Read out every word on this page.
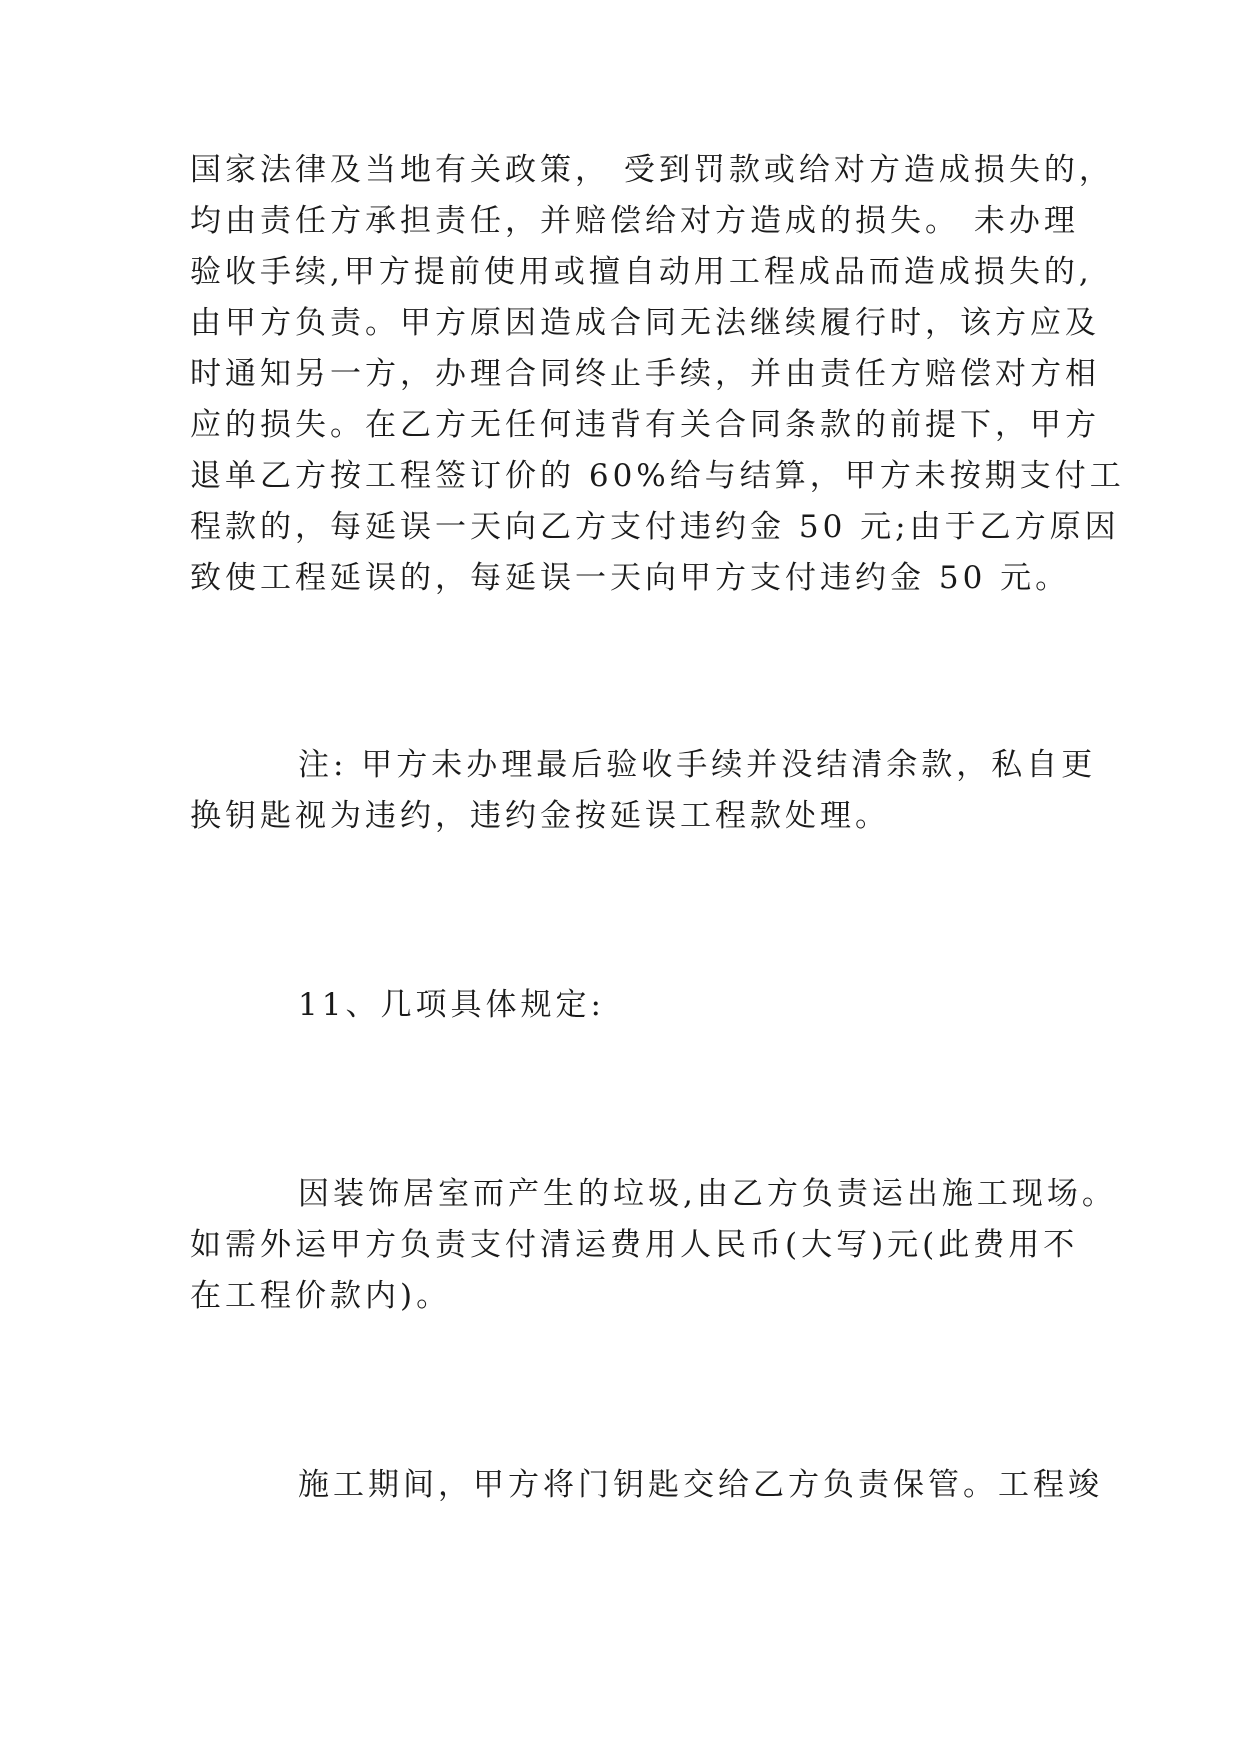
国家法律及当地有关政策， 受到罚款或给对方造成损失的，
均由责任方承担责任，并赔偿给对方造成的损失。 未办理
验收手续,甲方提前使用或擅自动用工程成品而造成损失的,
由甲方负责。甲方原因造成合同无法继续履行时，该方应及
时通知另一方，办理合同终止手续，并由责任方赔偿对方相
应的损失。在乙方无任何违背有关合同条款的前提下，甲方
退单乙方按工程签订价的 60%给与结算，甲方未按期支付工
程款的，每延误一天向乙方支付违约金 50 元;由于乙方原因
致使工程延误的，每延误一天向甲方支付违约金 50 元。
注: 甲方未办理最后验收手续并没结清余款，私自更
换钥匙视为违约，违约金按延误工程款处理。
11、几项具体规定:
因装饰居室而产生的垃圾,由乙方负责运出施工现场。
如需外运甲方负责支付清运费用人民币(大写)元(此费用不
在工程价款内)。
施工期间，甲方将门钥匙交给乙方负责保管。工程竣
